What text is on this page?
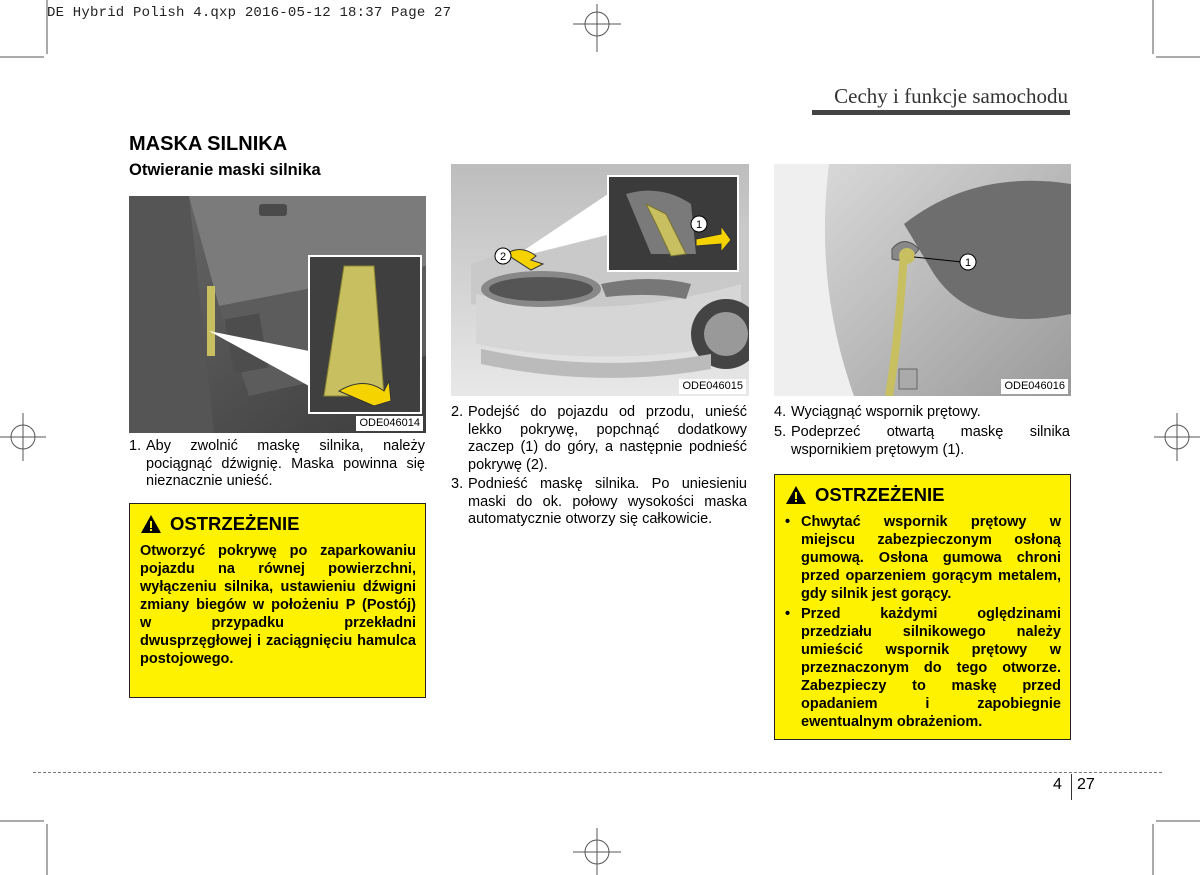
DE Hybrid Polish 4.qxp 2016-05-12 18:37 Page 27
Cechy i funkcje samochodu
MASKA SILNIKA
Otwieranie maski silnika
ODE046014
1
2
ODE046015
1
ODE046016
1. Aby zwolnić maskę silnika, należy pociągnąć dźwignię. Maska powinna się nieznacznie unieść.
2. Podejść do pojazdu od przodu, unieść lekko pokrywę, popchnąć dodatkowy zaczep (1) do góry, a następnie podnieść pokrywę (2).
3. Podnieść maskę silnika. Po uniesieniu maski do ok. połowy wysokości maska automatycznie otworzy się całkowicie.
4. Wyciągnąć wspornik prętowy.
5. Podeprzeć otwartą maskę silnika wspornikiem prętowym (1).
OSTRZEŻENIE
Otworzyć pokrywę po zaparkowaniu pojazdu na równej powierzchni, wyłączeniu silnika, ustawieniu dźwigni zmiany biegów w położeniu P (Postój) w przypadku przekładni dwusprzęgłowej i zaciągnięciu hamulca postojowego.
OSTRZEŻENIE
• Chwytać wspornik prętowy w miejscu zabezpieczonym osłoną gumową. Osłona gumowa chroni przed oparzeniem gorącym metalem, gdy silnik jest gorący.
• Przed każdymi oględzinami przedziału silnikowego należy umieścić wspornik prętowy w przeznaczonym do tego otworze. Zabezpieczy to maskę przed opadaniem i zapobiegnie ewentualnym obrażeniom.
4 27
